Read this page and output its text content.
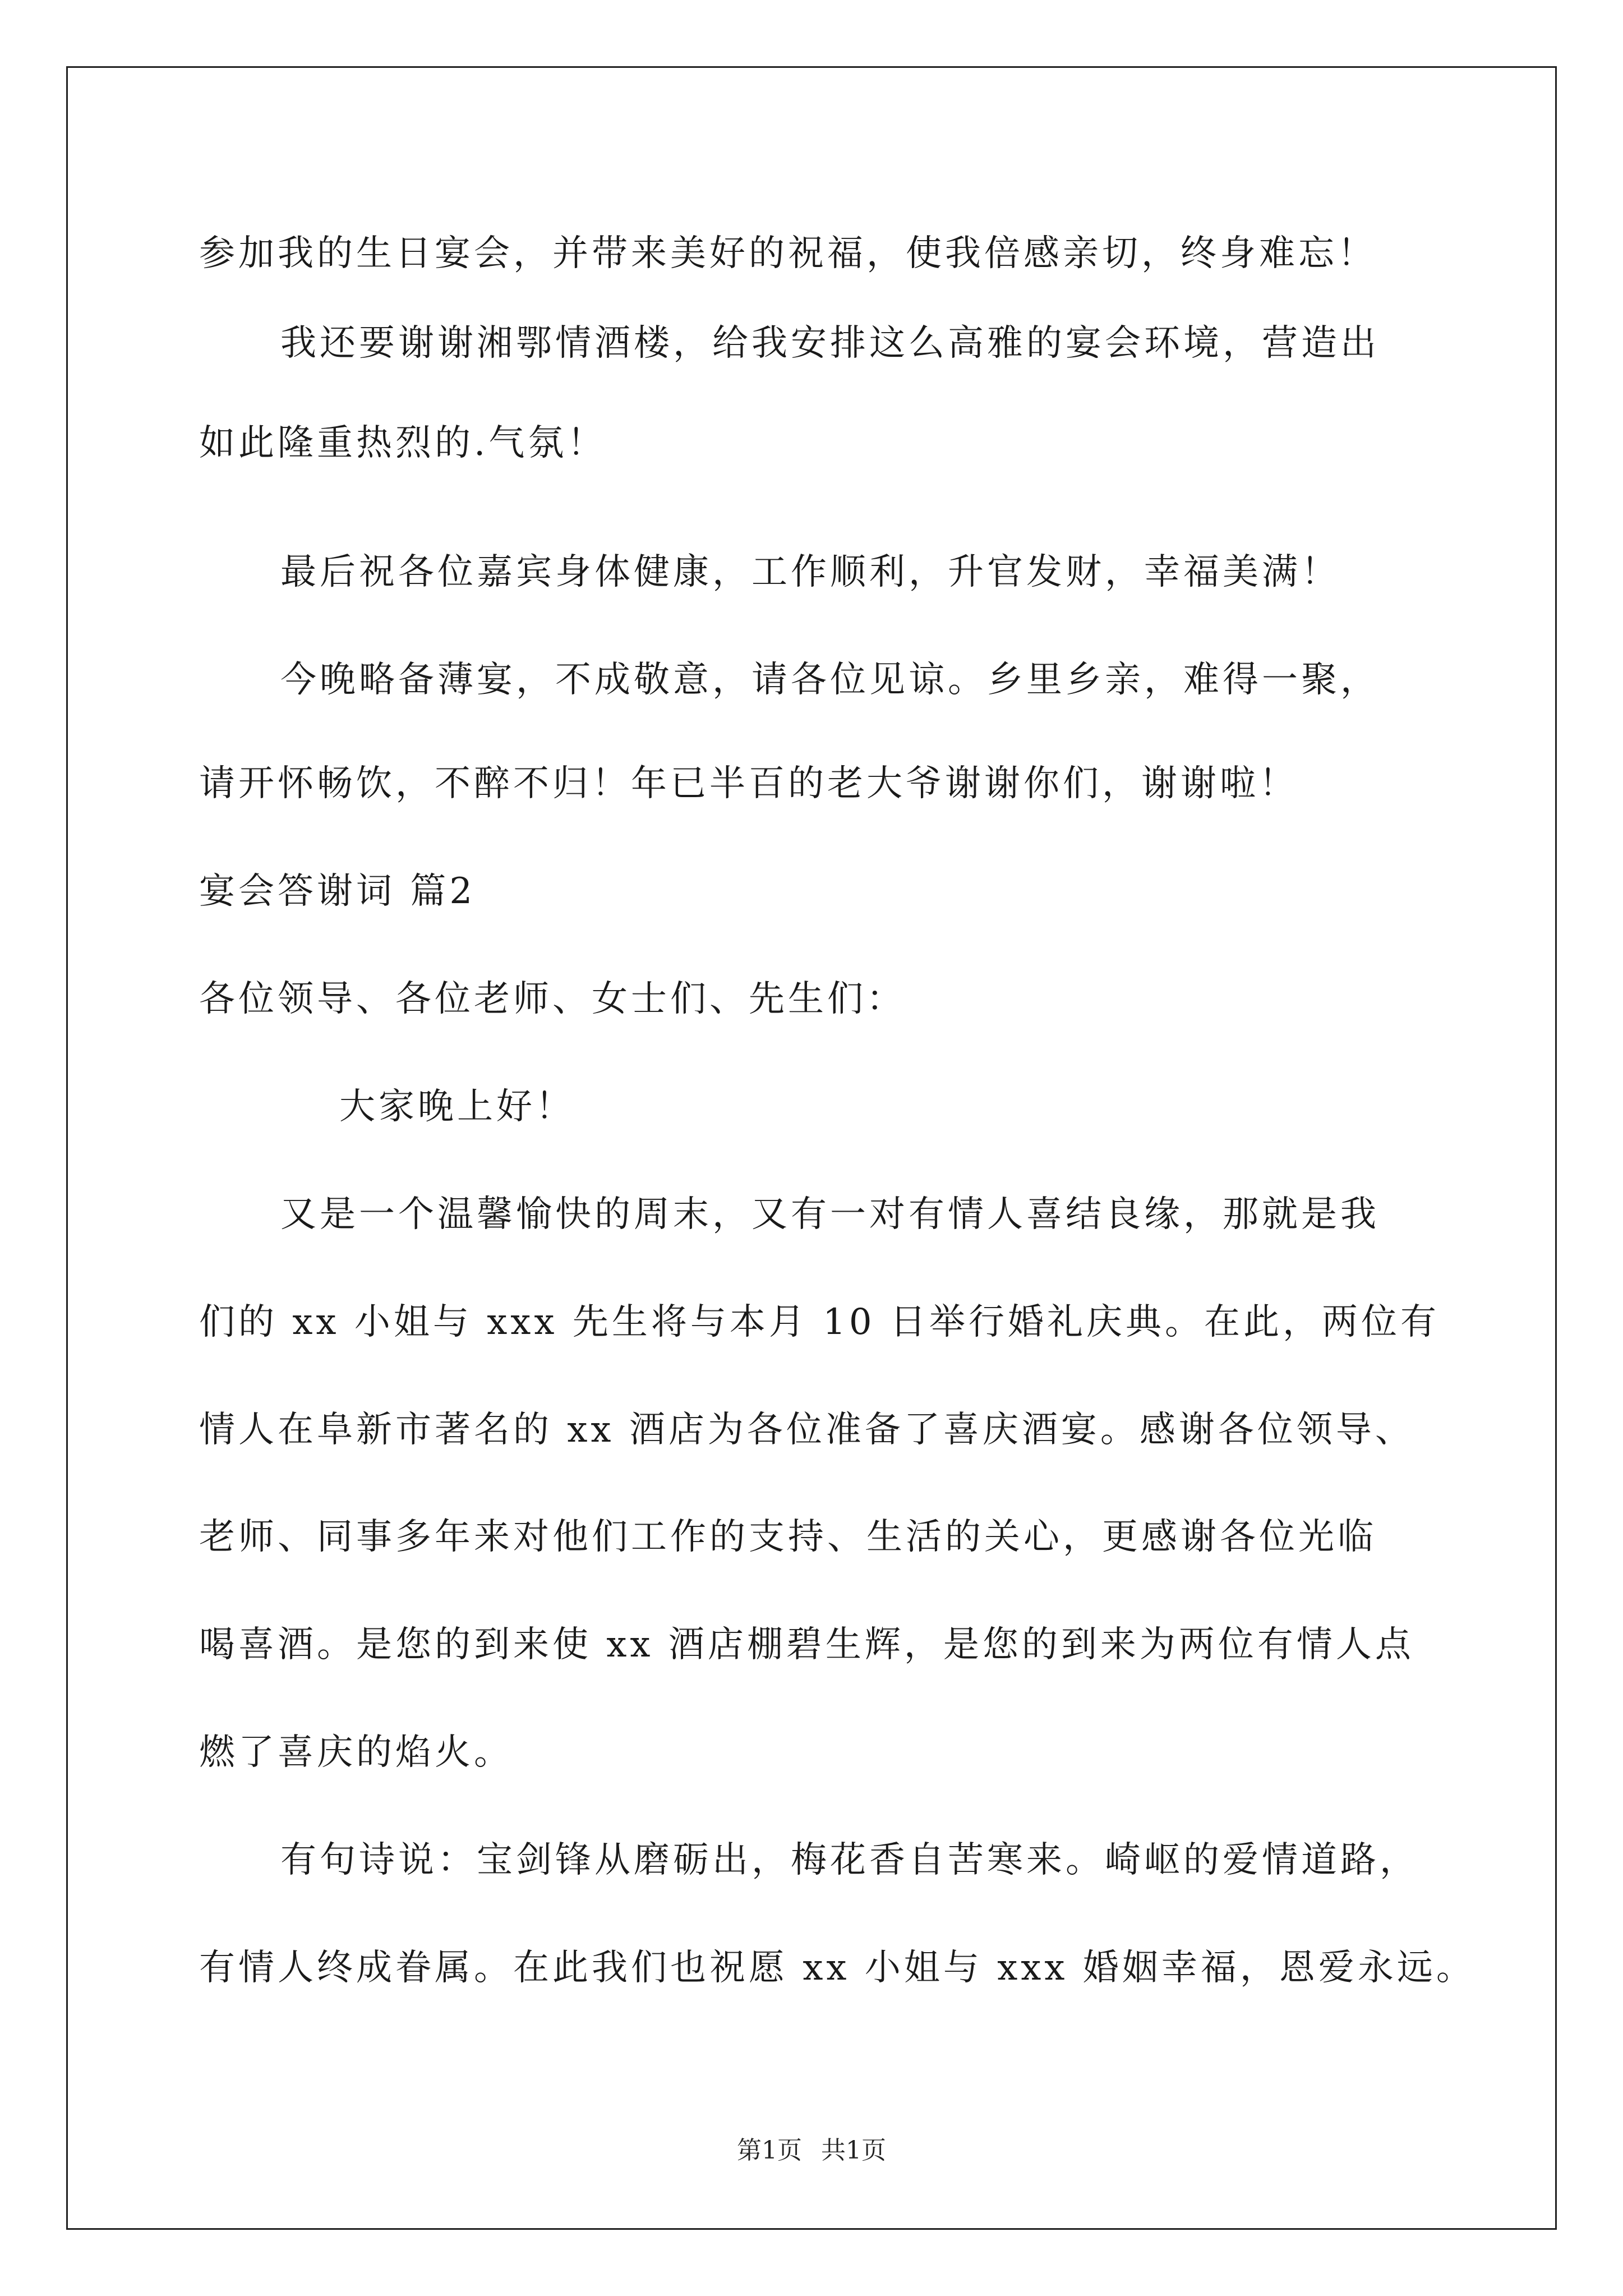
参加我的生日宴会，并带来美好的祝福，使我倍感亲切，终身难忘！
我还要谢谢湘鄂情酒楼，给我安排这么高雅的宴会环境，营造出
如此隆重热烈的.气氛！
最后祝各位嘉宾身体健康，工作顺利，升官发财，幸福美满！
今晚略备薄宴，不成敬意，请各位见谅。乡里乡亲，难得一聚，
请开怀畅饮，不醉不归！年已半百的老大爷谢谢你们，谢谢啦！
宴会答谢词 篇2
各位领导、各位老师、女士们、先生们：
大家晚上好！
又是一个温馨愉快的周末，又有一对有情人喜结良缘，那就是我
们的 xx 小姐与 xxx 先生将与本月 10 日举行婚礼庆典。在此，两位有
情人在阜新市著名的 xx 酒店为各位准备了喜庆酒宴。感谢各位领导、
老师、同事多年来对他们工作的支持、生活的关心，更感谢各位光临
喝喜酒。是您的到来使 xx 酒店棚碧生辉，是您的到来为两位有情人点
燃了喜庆的焰火。
有句诗说：宝剑锋从磨砺出，梅花香自苦寒来。崎岖的爱情道路，
有情人终成眷属。在此我们也祝愿 xx 小姐与 xxx 婚姻幸福，恩爱永远。
第1页 共1页
